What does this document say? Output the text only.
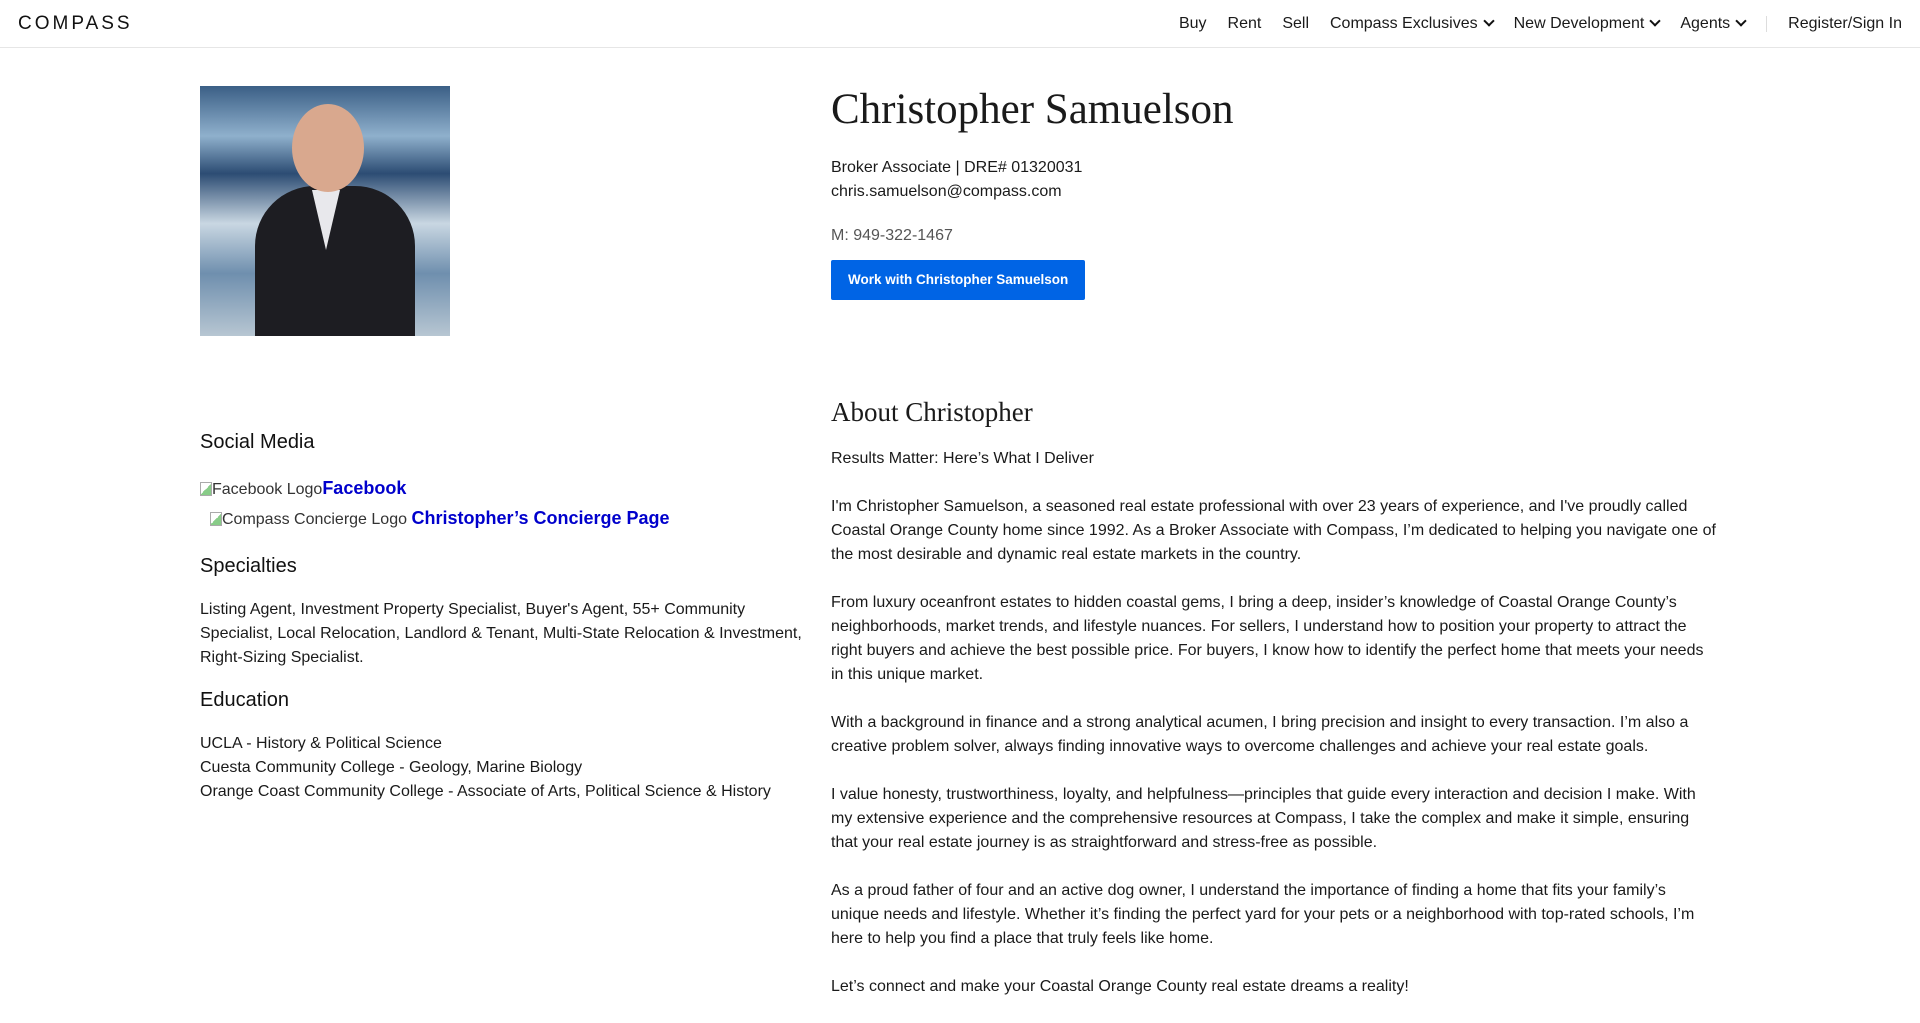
COMPASS	Buy Rent Sell Compass Exclusives	New Development	Agents	Register/Sign In
Christopher Samuelson
Broker Associate | DRE# 01320031
chris.samuelson@compass.com
M: 949-322-1467
Work with Christopher Samuelson
Social Media
Facebook LogoFacebook
Compass Concierge Logo Christopher’s Concierge Page
Specialties

Listing Agent, Investment Property Specialist, Buyer's Agent, 55+ Community Specialist, Local Relocation, Landlord & Tenant, Multi-State Relocation & Investment, Right-Sizing Specialist.

Education

UCLA - History & Political Science

Cuesta Community College - Geology, Marine Biology

Orange Coast Community College - Associate of Arts, Political Science & History

About Christopher

Results Matter: Here’s What I Deliver

I'm Christopher Samuelson, a seasoned real estate professional with over 23 years of experience, and I've proudly called Coastal Orange County home since 1992. As a Broker Associate with Compass, I’m dedicated to helping you navigate one of the most desirable and dynamic real estate markets in the country.

From luxury oceanfront estates to hidden coastal gems, I bring a deep, insider’s knowledge of Coastal Orange County’s neighborhoods, market trends, and lifestyle nuances. For sellers, I understand how to position your property to attract the right buyers and achieve the best possible price. For buyers, I know how to identify the perfect home that meets your needs in this unique market.

With a background in finance and a strong analytical acumen, I bring precision and insight to every transaction. I’m also a creative problem solver, always finding innovative ways to overcome challenges and achieve your real estate goals.

I value honesty, trustworthiness, loyalty, and helpfulness—principles that guide every interaction and decision I make. With my extensive experience and the comprehensive resources at Compass, I take the complex and make it simple, ensuring that your real estate journey is as straightforward and stress-free as possible.

As a proud father of four and an active dog owner, I understand the importance of finding a home that fits your family’s unique needs and lifestyle. Whether it’s finding the perfect yard for your pets or a neighborhood with top-rated schools, I’m here to help you find a place that truly feels like home.

Let’s connect and make your Coastal Orange County real estate dreams a reality!
